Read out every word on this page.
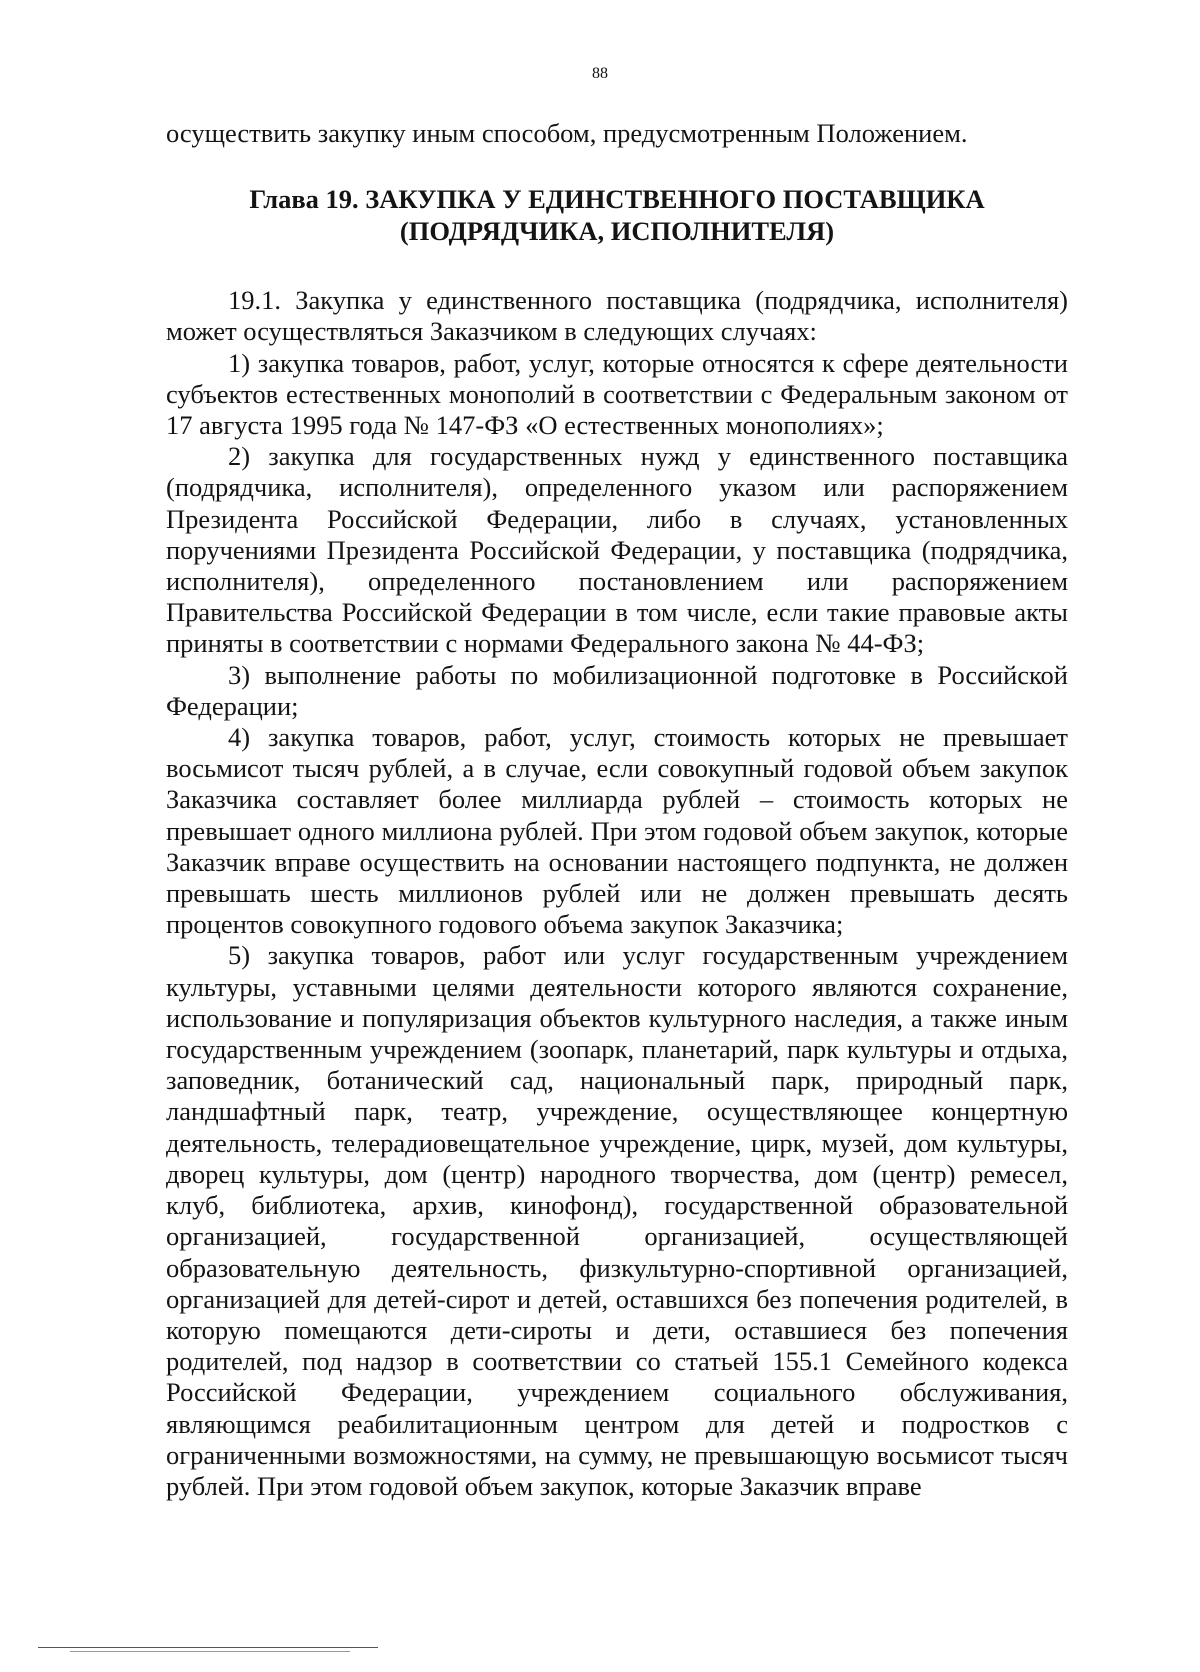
88

осуществить закупку иным способом, предусмотренным Положением.

Глава 19. ЗАКУПКА У ЕДИНСТВЕННОГО ПОСТАВЩИКА
(ПОДРЯДЧИКА, ИСПОЛНИТЕЛЯ)

19.1. Закупка у единственного поставщика (подрядчика, исполнителя) может осуществляться Заказчиком в следующих случаях:

1) закупка товаров, работ, услуг, которые относятся к сфере деятельности субъектов естественных монополий в соответствии с Федеральным законом от 17 августа 1995 года № 147-ФЗ «О естественных монополиях»;

2) закупка для государственных нужд у единственного поставщика (подрядчика, исполнителя), определенного указом или распоряжением Президента Российской Федерации, либо в случаях, установленных поручениями Президента Российской Федерации, у поставщика (подрядчика, исполнителя), определенного постановлением или распоряжением Правительства Российской Федерации в том числе, если такие правовые акты приняты в соответствии с нормами Федерального закона № 44-ФЗ;

3) выполнение работы по мобилизационной подготовке в Российской Федерации;

4) закупка товаров, работ, услуг, стоимость которых не превышает восьмисот тысяч рублей, а в случае, если совокупный годовой объем закупок Заказчика составляет более миллиарда рублей – стоимость которых не превышает одного миллиона рублей. При этом годовой объем закупок, которые Заказчик вправе осуществить на основании настоящего подпункта, не должен превышать шесть миллионов рублей или не должен превышать десять процентов совокупного годового объема закупок Заказчика;

5) закупка товаров, работ или услуг государственным учреждением культуры, уставными целями деятельности которого являются сохранение, использование и популяризация объектов культурного наследия, а также иным государственным учреждением (зоопарк, планетарий, парк культуры и отдыха, заповедник, ботанический сад, национальный парк, природный парк, ландшафтный парк, театр, учреждение, осуществляющее концертную деятельность, телерадиовещательное учреждение, цирк, музей, дом культуры, дворец культуры, дом (центр) народного творчества, дом (центр) ремесел, клуб, библиотека, архив, кинофонд), государственной образовательной организацией, государственной организацией, осуществляющей образовательную деятельность, физкультурно-спортивной организацией, организацией для детей-сирот и детей, оставшихся без попечения родителей, в которую помещаются дети-сироты и дети, оставшиеся без попечения родителей, под надзор в соответствии со статьей 155.1 Семейного кодекса Российской Федерации, учреждением социального обслуживания, являющимся реабилитационным центром для детей и подростков с ограниченными возможностями, на сумму, не превышающую восьмисот тысяч рублей. При этом годовой объем закупок, которые Заказчик вправе
